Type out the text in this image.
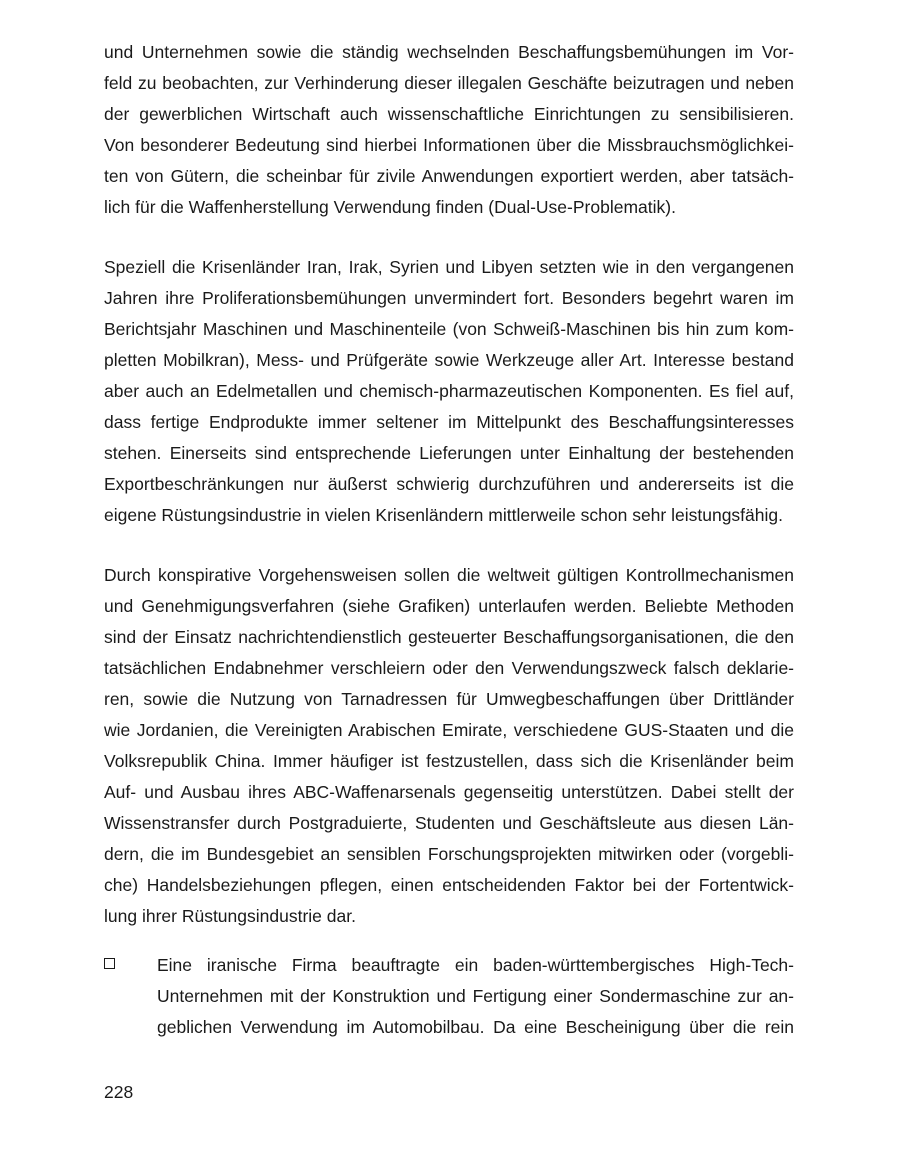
und Unternehmen sowie die ständig wechselnden Beschaffungsbemühungen im Vor-
feld zu beobachten, zur Verhinderung dieser illegalen Geschäfte beizutragen und neben
der gewerblichen Wirtschaft auch wissenschaftliche Einrichtungen zu sensibilisieren.
Von besonderer Bedeutung sind hierbei Informationen über die Missbrauchsmöglichkei-
ten von Gütern, die scheinbar für zivile Anwendungen exportiert werden, aber tatsäch-
lich für die Waffenherstellung Verwendung finden (Dual-Use-Problematik).
Speziell die Krisenländer Iran, Irak, Syrien und Libyen setzten wie in den vergangenen
Jahren ihre Proliferationsbemühungen unvermindert fort. Besonders begehrt waren im
Berichtsjahr Maschinen und Maschinenteile (von Schweiß-Maschinen bis hin zum kom-
pletten Mobilkran), Mess- und Prüfgeräte sowie Werkzeuge aller Art. Interesse bestand
aber auch an Edelmetallen und chemisch-pharmazeutischen Komponenten. Es fiel auf,
dass fertige Endprodukte immer seltener im Mittelpunkt des Beschaffungsinteresses
stehen. Einerseits sind entsprechende Lieferungen unter Einhaltung der bestehenden
Exportbeschränkungen nur äußerst schwierig durchzuführen und andererseits ist die
eigene Rüstungsindustrie in vielen Krisenländern mittlerweile schon sehr leistungsfähig.
Durch konspirative Vorgehensweisen sollen die weltweit gültigen Kontrollmechanismen
und Genehmigungsverfahren (siehe Grafiken) unterlaufen werden. Beliebte Methoden
sind der Einsatz nachrichtendienstlich gesteuerter Beschaffungsorganisationen, die den
tatsächlichen Endabnehmer verschleiern oder den Verwendungszweck falsch deklarie-
ren, sowie die Nutzung von Tarnadressen für Umwegbeschaffungen über Drittländer
wie Jordanien, die Vereinigten Arabischen Emirate, verschiedene GUS-Staaten und die
Volksrepublik China. Immer häufiger ist festzustellen, dass sich die Krisenländer beim
Auf- und Ausbau ihres ABC-Waffenarsenals gegenseitig unterstützen. Dabei stellt der
Wissenstransfer durch Postgraduierte, Studenten und Geschäftsleute aus diesen Län-
dern, die im Bundesgebiet an sensiblen Forschungsprojekten mitwirken oder (vorgebli-
che) Handelsbeziehungen pflegen, einen entscheidenden Faktor bei der Fortentwick-
lung ihrer Rüstungsindustrie dar.
Eine iranische Firma beauftragte ein baden-württembergisches High-Tech-
Unternehmen mit der Konstruktion und Fertigung einer Sondermaschine zur an-
geblichen Verwendung im Automobilbau. Da eine Bescheinigung über die rein
228
